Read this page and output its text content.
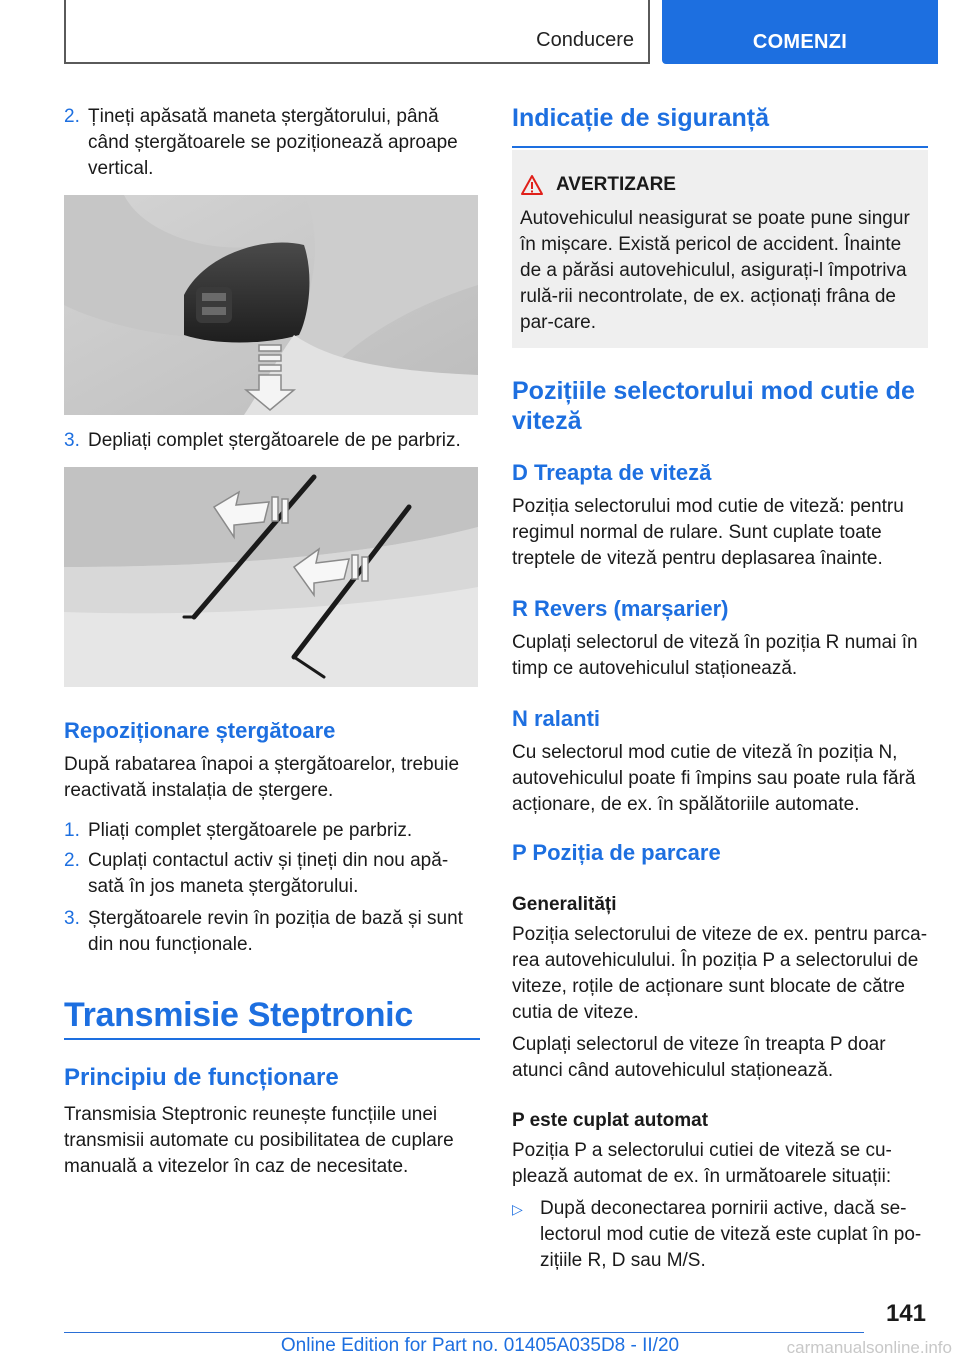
Conducere	COMENZI
2. Țineți apăsată maneta ștergătorului, până când ștergătoarele se poziționează aproape vertical.

3. Depliați complet ștergătoarele de pe parbriz.

Repoziționare ștergătoare

După rabatarea înapoi a ștergătoarelor, trebuie reactivată instalația de ștergere.

1. Pliați complet ștergătoarele pe parbriz.

2. Cuplați contactul activ și țineți din nou apă-sată în jos maneta ștergătorului.

3. Ștergătoarele revin în poziția de bază și sunt din nou funcționale.

Transmisie Steptronic
Principiu de funcționare

Transmisia Steptronic reunește funcțiile unei transmisii automate cu posibilitatea de cuplare manuală a vitezelor în caz de necesitate.

Indicație de siguranță
AVERTIZARE

Autovehiculul neasigurat se poate pune singur în mișcare. Există pericol de accident. Înainte de a părăsi autovehiculul, asigurați-l împotriva rulă-rii necontrolate, de ex. acționați frâna de par-care.

Pozițiile selectorului mod cutie de viteză
D Treapta de viteză

Poziția selectorului mod cutie de viteză: pentru regimul normal de rulare. Sunt cuplate toate treptele de viteză pentru deplasarea înainte.

R Revers (marșarier)

Cuplați selectorul de viteză în poziția R numai în timp ce autovehiculul staționează.

N ralanti

Cu selectorul mod cutie de viteză în poziția N, autovehiculul poate fi împins sau poate rula fără acționare, de ex. în spălătoriile automate.

P Poziția de parcare
Generalități

Poziția selectorului de viteze de ex. pentru parca-rea autovehiculului. În poziția P a selectorului de viteze, roțile de acționare sunt blocate de către cutia de viteze.

Cuplați selectorul de viteze în treapta P doar atunci când autovehiculul staționează.

P este cuplat automat

Poziția P a selectorului cutiei de viteză se cu-plează automat de ex. în următoarele situații:

▷ După deconectarea pornirii active, dacă se-lectorul mod cutie de viteză este cuplat în po-zițiile R, D sau M/S.

141
Online Edition for Part no. 01405A035D8 - II/20	carmanualsonline.info
